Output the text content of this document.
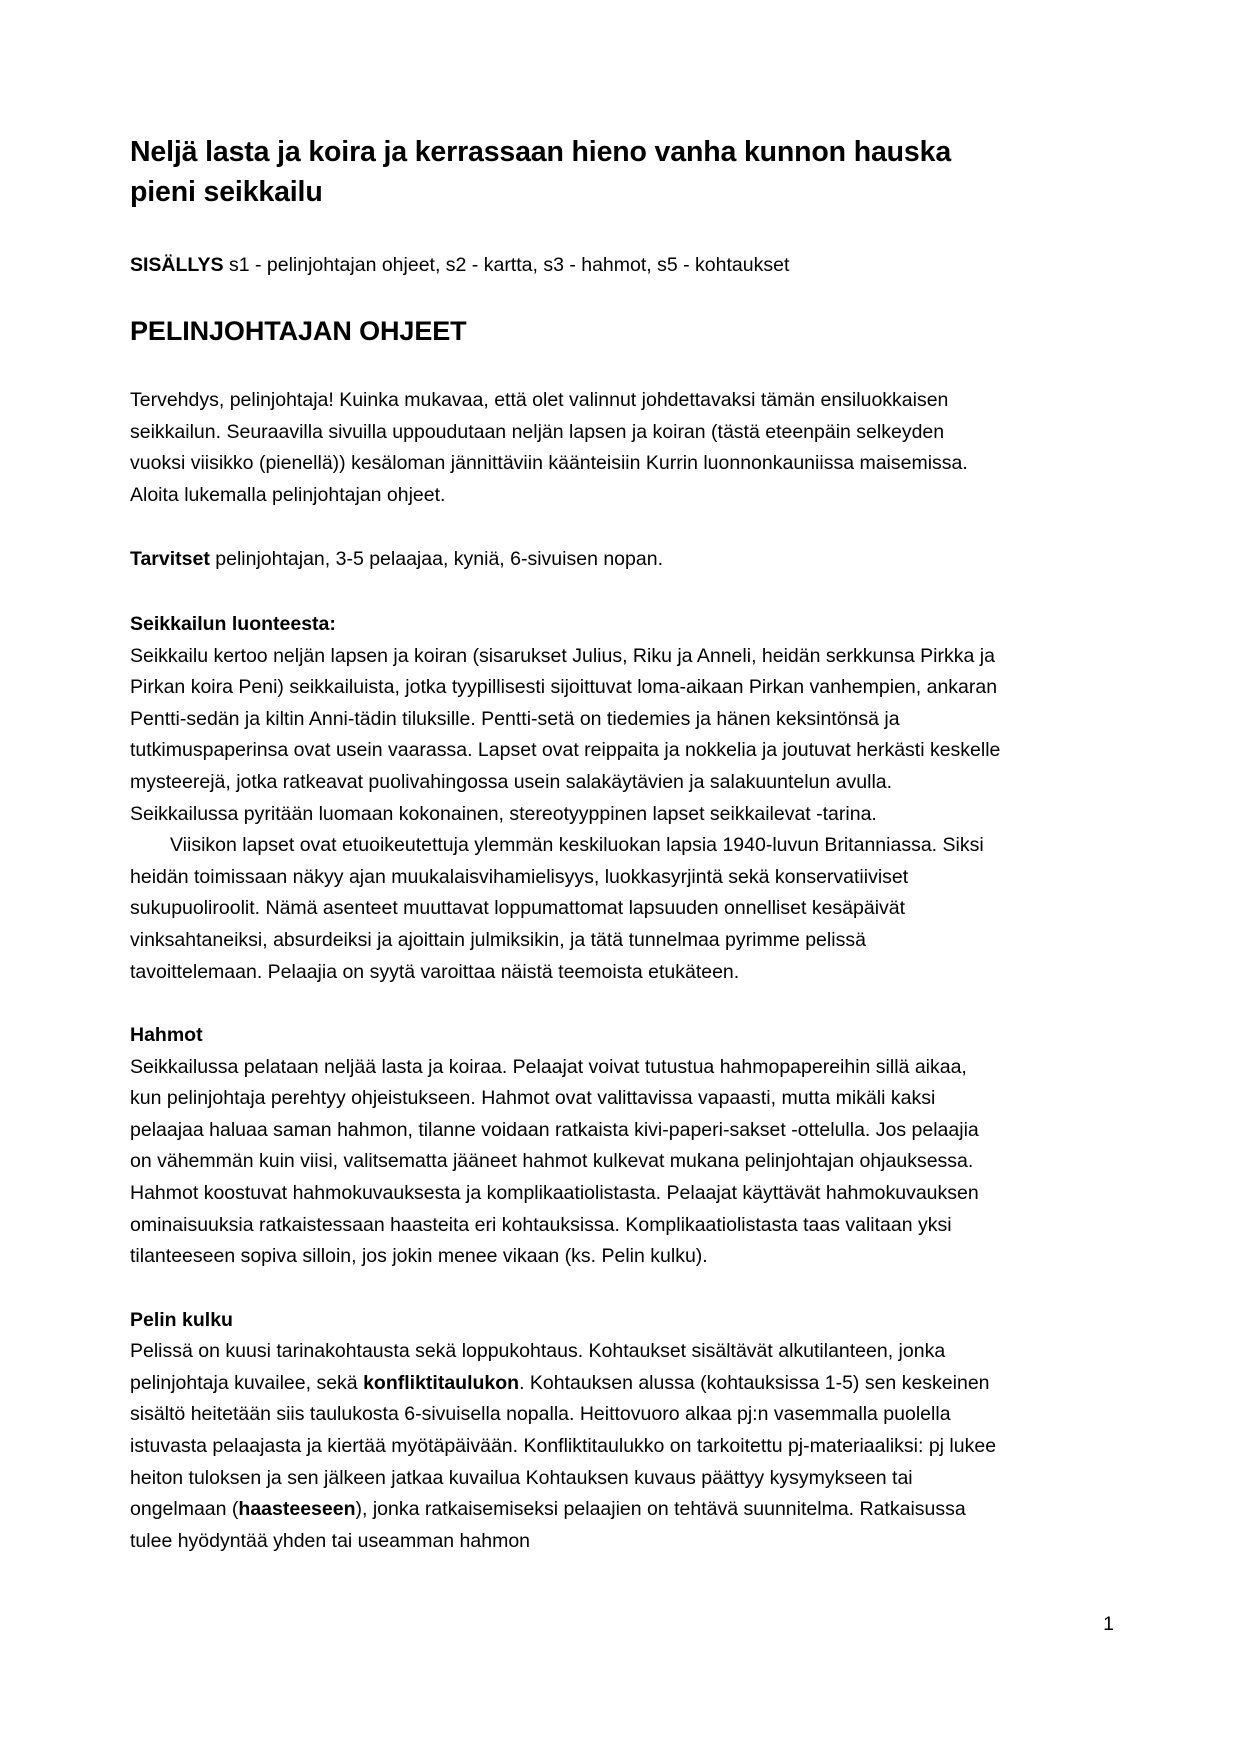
Neljä lasta ja koira ja kerrassaan hieno vanha kunnon hauska pieni seikkailu

SISÄLLYS s1 - pelinjohtajan ohjeet, s2 - kartta, s3 - hahmot, s5 - kohtaukset

PELINJOHTAJAN OHJEET

Tervehdys, pelinjohtaja! Kuinka mukavaa, että olet valinnut johdettavaksi tämän ensiluokkaisen seikkailun. Seuraavilla sivuilla uppoudutaan neljän lapsen ja koiran (tästä eteenpäin selkeyden vuoksi viisikko (pienellä)) kesäloman jännittäviin käänteisiin Kurrin luonnonkauniissa maisemissa. Aloita lukemalla pelinjohtajan ohjeet.

Tarvitset pelinjohtajan, 3-5 pelaajaa, kyniä, 6-sivuisen nopan.

Seikkailun luonteesta:

Seikkailu kertoo neljän lapsen ja koiran (sisarukset Julius, Riku ja Anneli, heidän serkkunsa Pirkka ja Pirkan koira Peni) seikkailuista, jotka tyypillisesti sijoittuvat loma-aikaan Pirkan vanhempien, ankaran Pentti-sedän ja kiltin Anni-tädin tiluksille. Pentti-setä on tiedemies ja hänen keksintönsä ja tutkimuspaperinsa ovat usein vaarassa. Lapset ovat reippaita ja nokkelia ja joutuvat herkästi keskelle mysteerejä, jotka ratkeavat puolivahingossa usein salakäytävien ja salakuuntelun avulla. Seikkailussa pyritään luomaan kokonainen, stereotyyppinen lapset seikkailevat -tarina.

Viisikon lapset ovat etuoikeutettuja ylemmän keskiluokan lapsia 1940-luvun Britanniassa. Siksi heidän toimissaan näkyy ajan muukalaisvihamielisyys, luokkasyrjintä sekä konservatiiviset sukupuoliroolit. Nämä asenteet muuttavat loppumattomat lapsuuden onnelliset kesäpäivät vinksahtaneiksi, absurdeiksi ja ajoittain julmiksikin, ja tätä tunnelmaa pyrimme pelissä tavoittelemaan. Pelaajia on syytä varoittaa näistä teemoista etukäteen.

Hahmot

Seikkailussa pelataan neljää lasta ja koiraa. Pelaajat voivat tutustua hahmopapereihin sillä aikaa, kun pelinjohtaja perehtyy ohjeistukseen. Hahmot ovat valittavissa vapaasti, mutta mikäli kaksi pelaajaa haluaa saman hahmon, tilanne voidaan ratkaista kivi-paperi-sakset -ottelulla. Jos pelaajia on vähemmän kuin viisi, valitsematta jääneet hahmot kulkevat mukana pelinjohtajan ohjauksessa. Hahmot koostuvat hahmokuvauksesta ja komplikaatiolistasta. Pelaajat käyttävät hahmokuvauksen ominaisuuksia ratkaistessaan haasteita eri kohtauksissa. Komplikaatiolistasta taas valitaan yksi tilanteeseen sopiva silloin, jos jokin menee vikaan (ks. Pelin kulku).

Pelin kulku

Pelissä on kuusi tarinakohtausta sekä loppukohtaus. Kohtaukset sisältävät alkutilanteen, jonka pelinjohtaja kuvailee, sekä konfliktitaulukon. Kohtauksen alussa (kohtauksissa 1-5) sen keskeinen sisältö heitetään siis taulukosta 6-sivuisella nopalla. Heittovuoro alkaa pj:n vasemmalla puolella istuvasta pelaajasta ja kiertää myötäpäivään. Konfliktitaulukko on tarkoitettu pj-materiaaliksi: pj lukee heiton tuloksen ja sen jälkeen jatkaa kuvailua Kohtauksen kuvaus päättyy kysymykseen tai ongelmaan (haasteeseen), jonka ratkaisemiseksi pelaajien on tehtävä suunnitelma. Ratkaisussa tulee hyödyntää yhden tai useamman hahmon

1
